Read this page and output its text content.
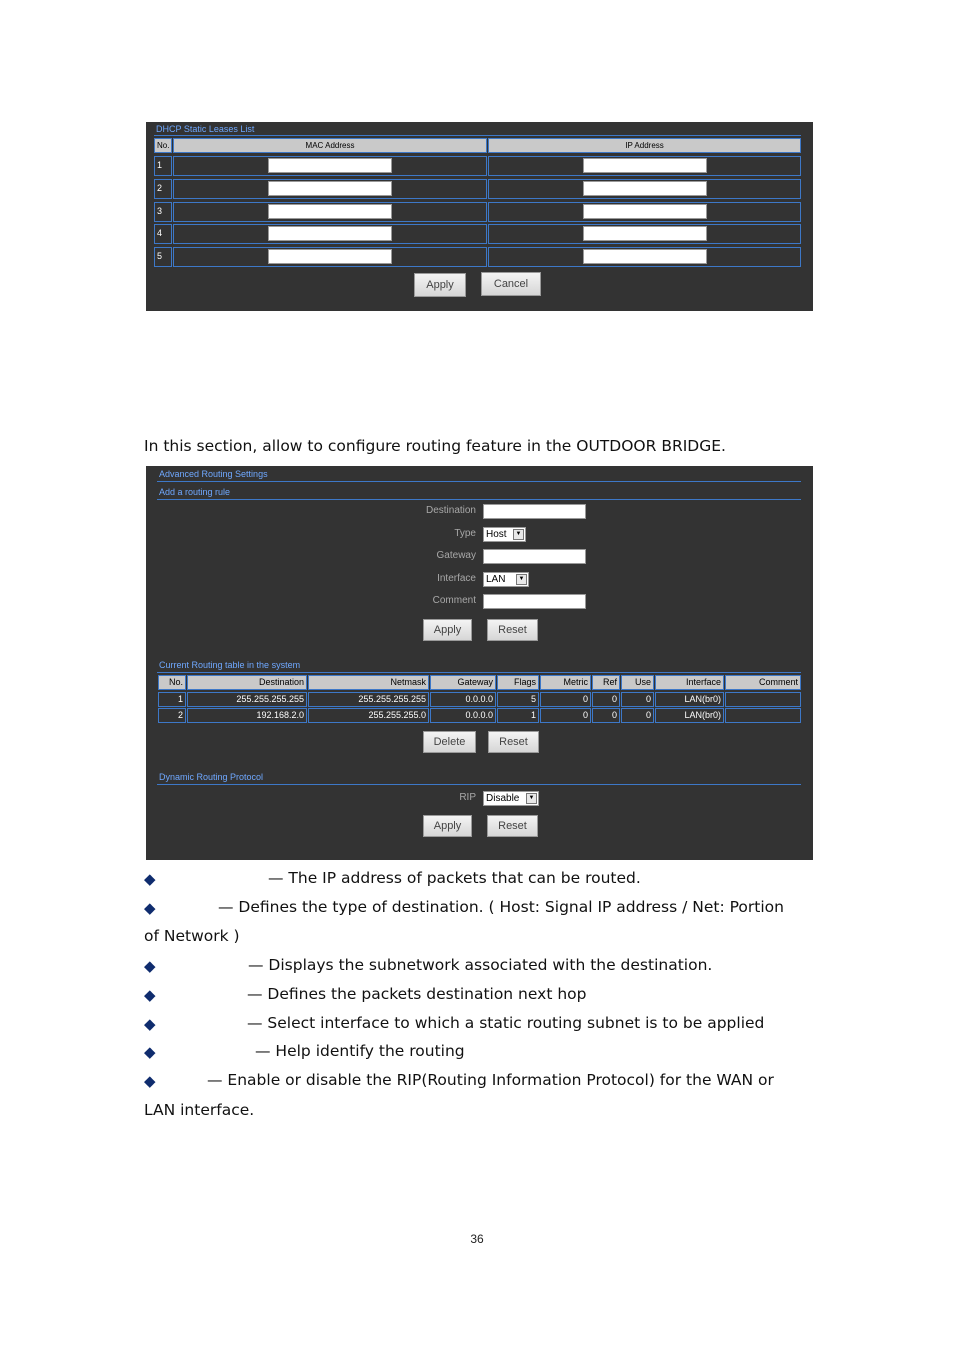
DHCP Static Leases List
No.	MAC Address	IP Address
1
2
3
4
5
Apply	Cancel
In this section, allow to configure routing feature in the OUTDOOR BRIDGE.
Advanced Routing Settings
Add a routing rule
Destination
Type	Host	▼
Gateway
Interface	LAN	▼
Comment
Apply	Reset
Current Routing table in the system
No.	Destination	Netmask	Gateway	Flags	Metric	Ref	Use	Interface	Comment
1	255.255.255.255	255.255.255.255	0.0.0.0	5	0	0	0	LAN(br0)
2	192.168.2.0	255.255.255.0	0.0.0.0	1	0	0	0	LAN(br0)
Delete	Reset
Dynamic Routing Protocol
RIP	Disable	▼
Apply	Reset
◆	— The IP address of packets that can be routed.
◆	— Defines the type of destination. ( Host: Signal IP address / Net: Portion
of Network )
◆	— Displays the subnetwork associated with the destination.
◆	— Defines the packets destination next hop
◆	— Select interface to which a static routing subnet is to be applied
◆	— Help identify the routing
◆	— Enable or disable the RIP(Routing Information Protocol) for the WAN or
LAN interface.
36
